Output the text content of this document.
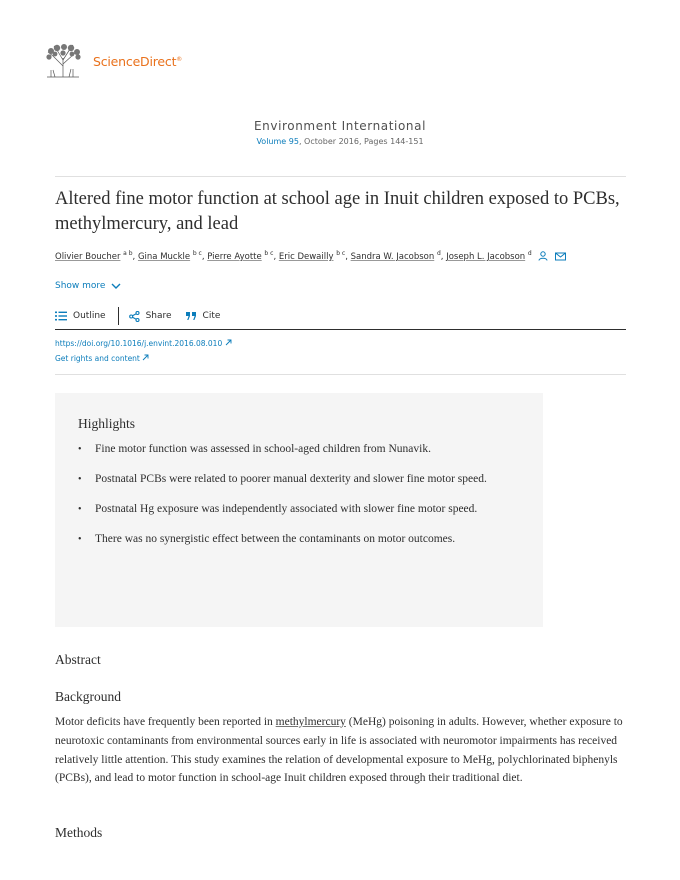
ScienceDirect®
Environment International
Volume 95, October 2016, Pages 144-151
Altered fine motor function at school age in Inuit children exposed to PCBs, methylmercury, and lead
Olivier Boucher $^{a b}$, Gina Muckle $^{b c}$, Pierre Ayotte $^{b c}$, Eric Dewailly $^{b c}$, Sandra W. Jacobson $^d$, Joseph L. Jacobson $^d$
Show more
Outline	Share	Cite
https://doi.org/10.1016/j.envint.2016.08.010
Get rights and content
Highlights
• Fine motor function was assessed in school-aged children from Nunavik.
• Postnatal PCBs were related to poorer manual dexterity and slower fine motor speed.
• Postnatal Hg exposure was independently associated with slower fine motor speed.
• There was no synergistic effect between the contaminants on motor outcomes.
Abstract
Background

Motor deficits have frequently been reported in methylmercury (MeHg) poisoning in adults. However, whether exposure to neurotoxic contaminants from environmental sources early in life is associated with neuromotor impairments has received relatively little attention. This study examines the relation of developmental exposure to MeHg, polychlorinated biphenyls (PCBs), and lead to motor function in school-age Inuit children exposed through their traditional diet.

Methods
